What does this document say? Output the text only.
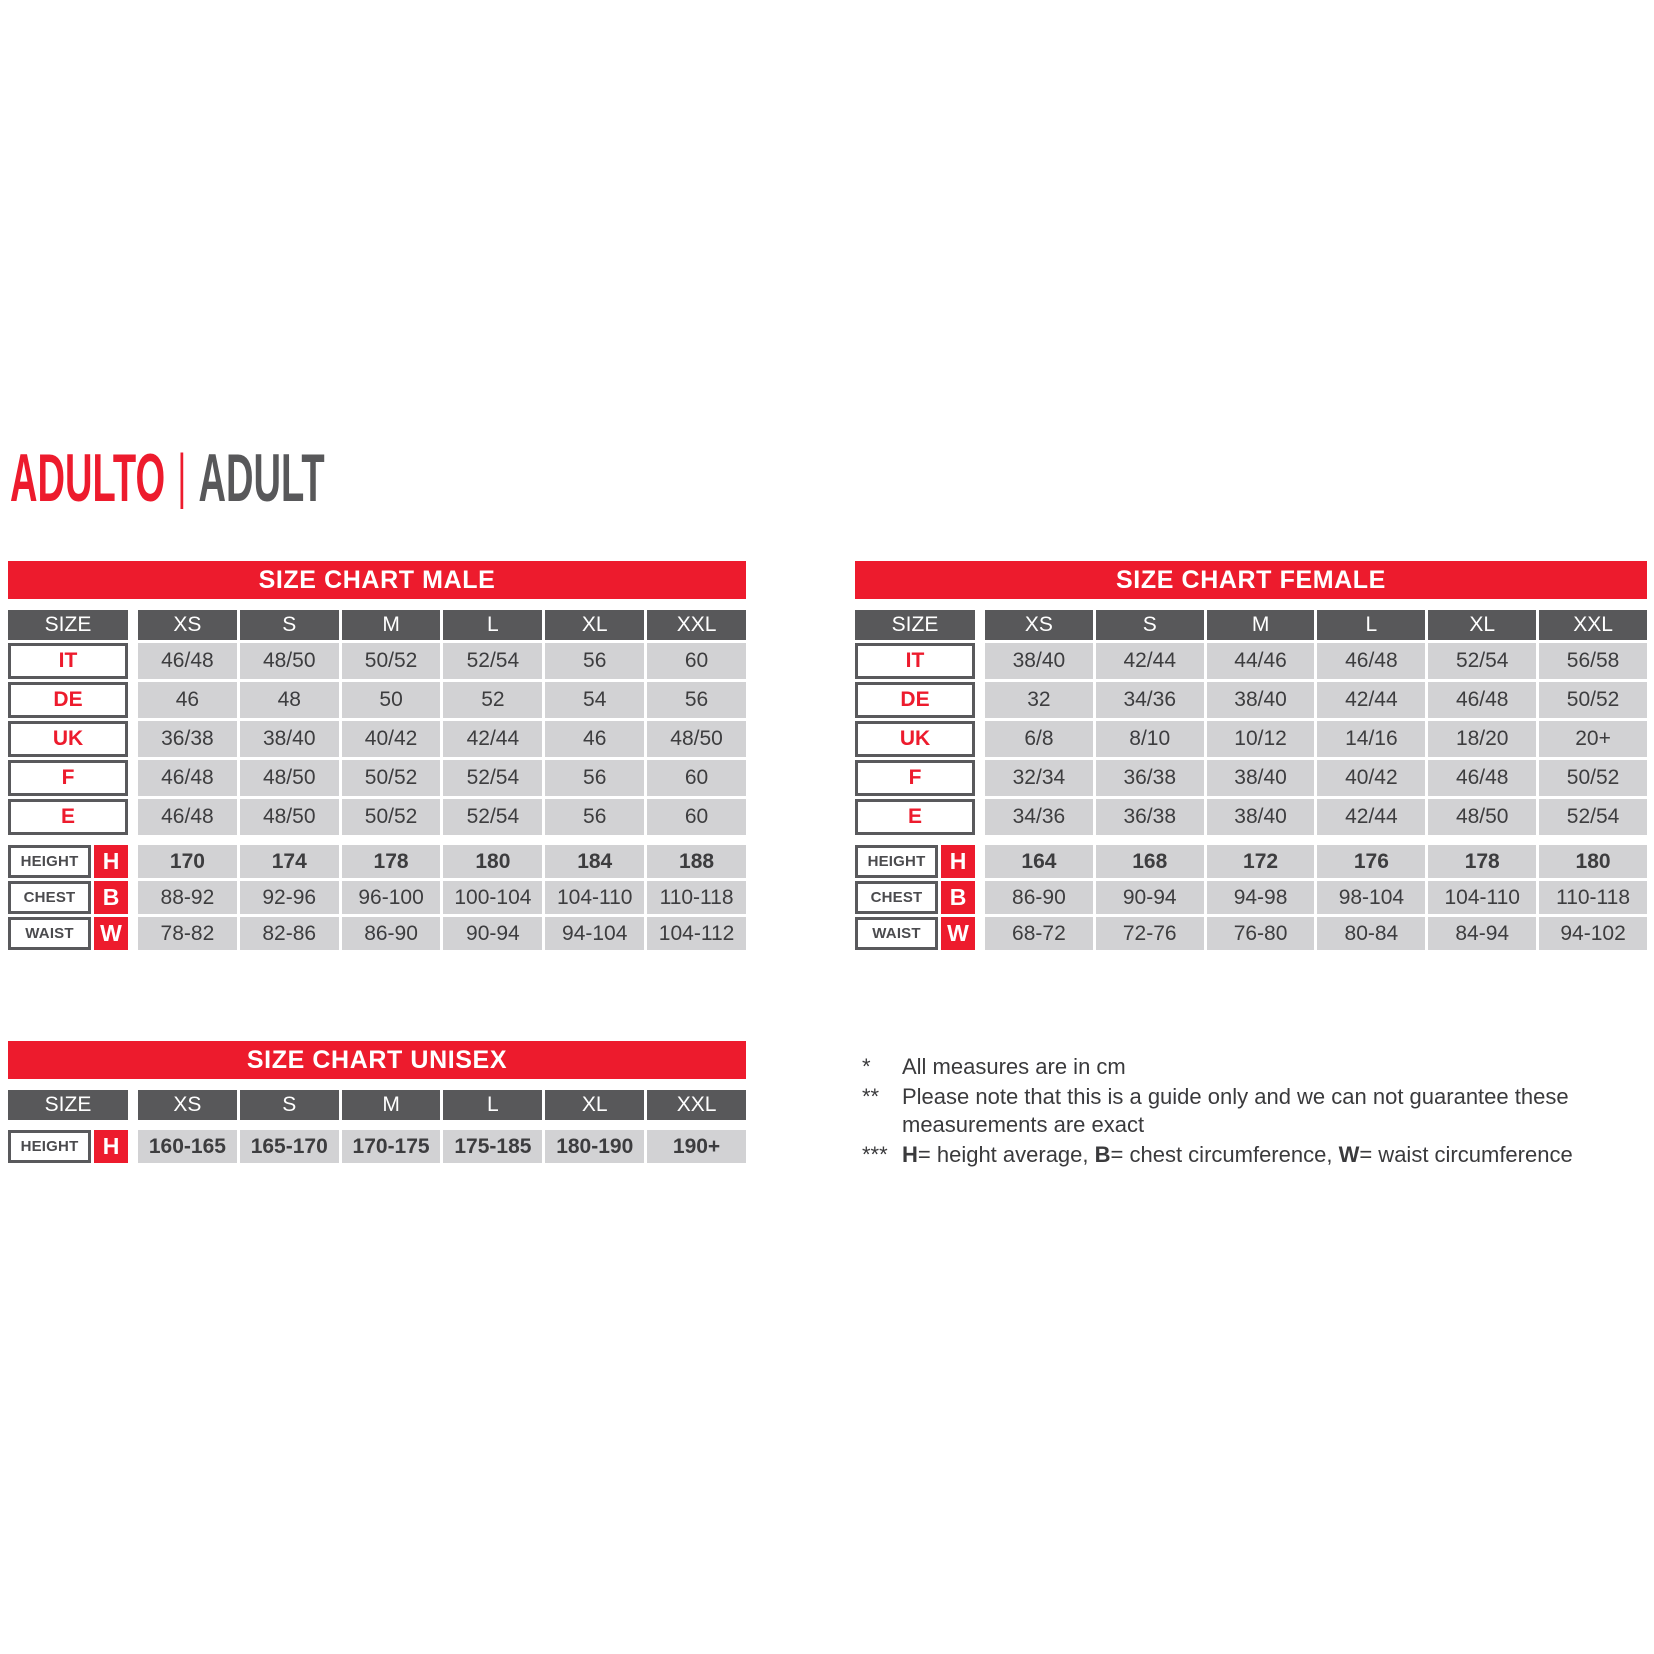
ADULTO | ADULT
SIZE CHART MALE
SIZE	XS	S	M	L	XL	XXL
IT	46/48	48/50	50/52	52/54	56	60
DE	46	48	50	52	54	56
UK	36/38	38/40	40/42	42/44	46	48/50
F	46/48	48/50	50/52	52/54	56	60
E	46/48	48/50	50/52	52/54	56	60
HEIGHT	H	170	174	178	180	184	188
CHEST	B	88-92	92-96	96-100	100-104	104-110	110-118
WAIST	W	78-82	82-86	86-90	90-94	94-104	104-112
SIZE CHART FEMALE
SIZE	XS	S	M	L	XL	XXL
IT	38/40	42/44	44/46	46/48	52/54	56/58
DE	32	34/36	38/40	42/44	46/48	50/52
UK	6/8	8/10	10/12	14/16	18/20	20+
F	32/34	36/38	38/40	40/42	46/48	50/52
E	34/36	36/38	38/40	42/44	48/50	52/54
HEIGHT	H	164	168	172	176	178	180
CHEST	B	86-90	90-94	94-98	98-104	104-110	110-118
WAIST	W	68-72	72-76	76-80	80-84	84-94	94-102
SIZE CHART UNISEX
SIZE	XS	S	M	L	XL	XXL
HEIGHT	H	160-165	165-170	170-175	175-185	180-190	190+
*	All measures are in cm
**	Please note that this is a guide only and we can not guarantee these measurements are exact
*** H= height average, B= chest circumference, W= waist circumference
